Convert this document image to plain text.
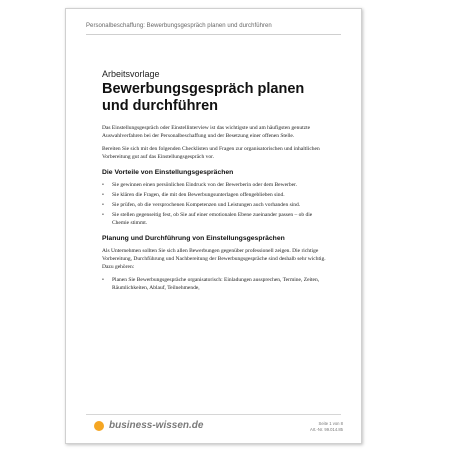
Personalbeschaffung: Bewerbungsgespräch planen und durchführen
Arbeitsvorlage
Bewerbungsgespräch planen und durchführen

Das Einstellungsgespräch oder Einstellinterview ist das wichtigste und am häufigsten genutzte Auswahlverfahren bei der Personalbeschaffung und der Besetzung einer offenen Stelle.

Bereiten Sie sich mit den folgenden Checklisten und Fragen zur organisatorischen und inhaltlichen Vorbereitung gut auf das Einstellungsgespräch vor.

Die Vorteile von Einstellungsgesprächen
• Sie gewinnen einen persönlichen Eindruck von der Bewerberin oder dem Bewerber.
• Sie klären die Fragen, die mit den Bewerbungsunterlagen offengeblieben sind.
• Sie prüfen, ob die versprochenen Kompetenzen und Leistungen auch vorhanden sind.
• Sie stellen gegenseitig fest, ob Sie auf einer emotionalen Ebene zueinander passen – ob die Chemie stimmt.
Planung und Durchführung von Einstellungsgesprächen

Als Unternehmen sollten Sie sich allen Bewerbungen gegenüber professionell zeigen. Die richtige Vorbereitung, Durchführung und Nachbereitung der Bewerbungsgespräche sind deshalb sehr wichtig. Dazu gehören:

• Planen Sie Bewerbungsgespräche organisatorisch: Einladungen aussprechen, Termine, Zeiten, Räumlichkeiten, Ablauf, Teilnehmende,
business-wissen.de	Seite 1 von 8
Art.-Nr. 99.014.85
